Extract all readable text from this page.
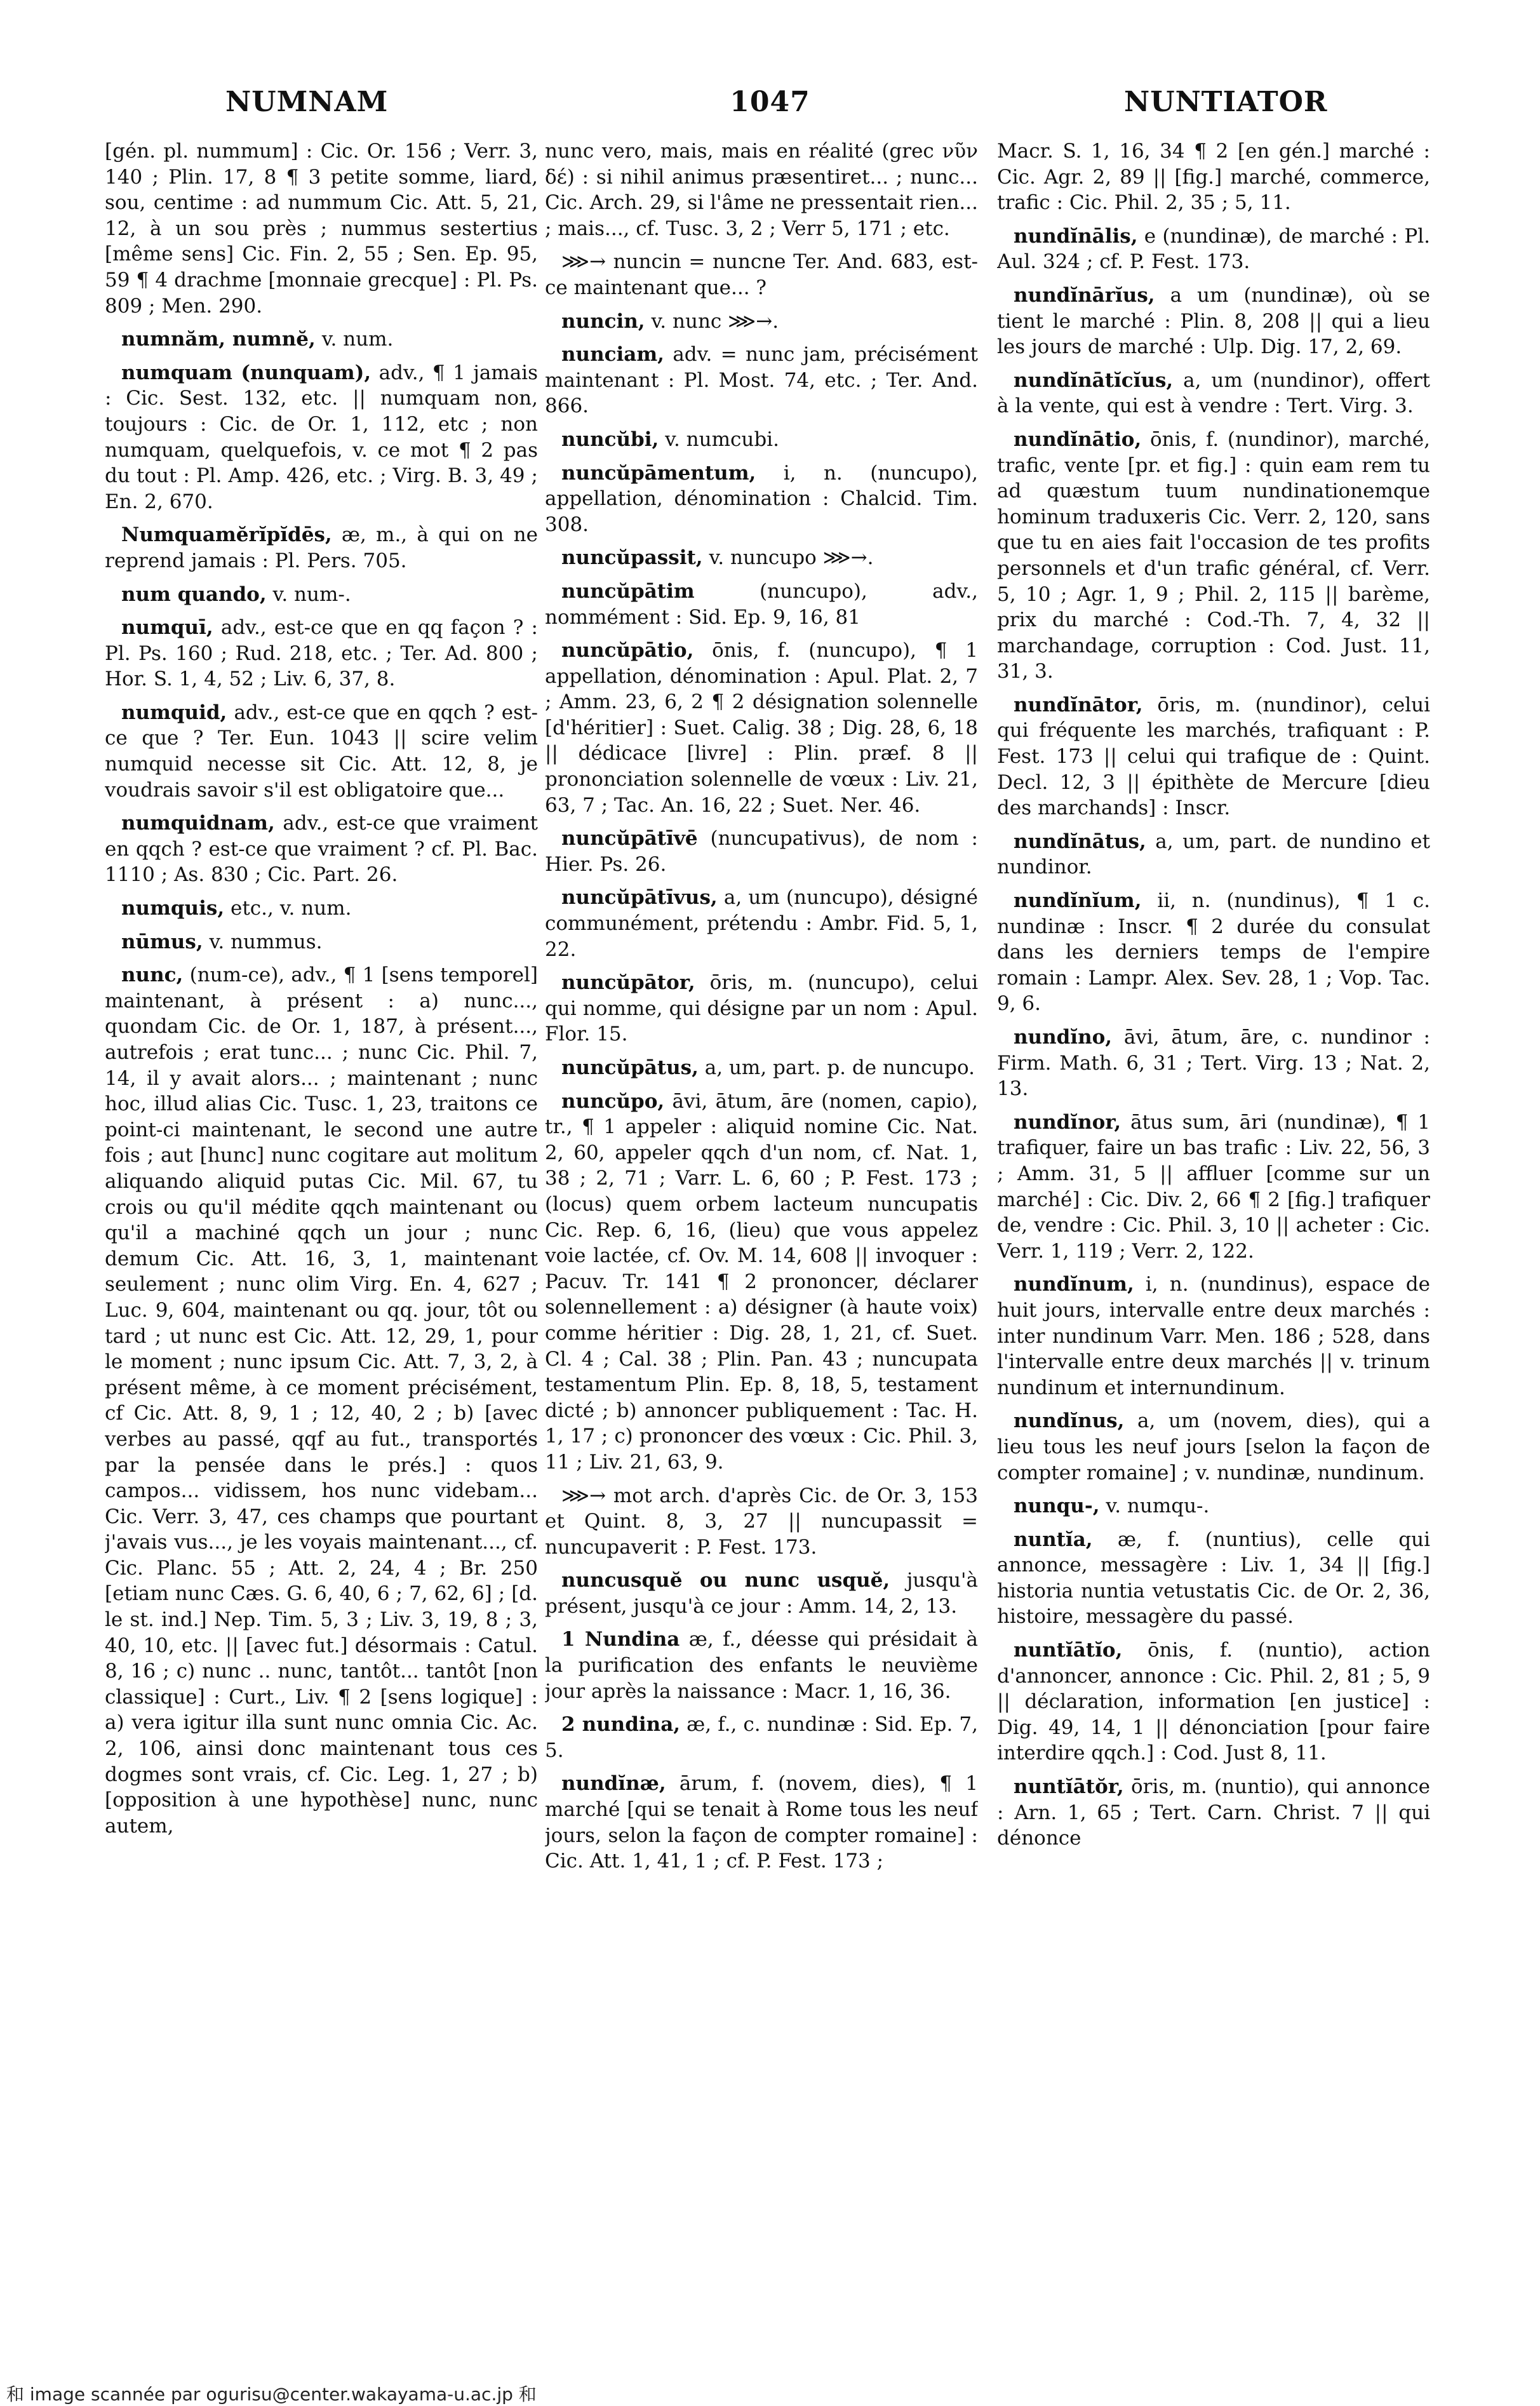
NUMNAM	1047	NUNTIATOR

[gén. pl. nummum] : Cic. Or. 156 ; Verr. 3, 140 ; Plin. 17, 8 ¶ 3 petite somme, liard, sou, centime : ad nummum Cic. Att. 5, 21, 12, à un sou près ; nummus sestertius [même sens] Cic. Fin. 2, 55 ; Sen. Ep. 95, 59 ¶ 4 drachme [monnaie grecque] : Pl. Ps. 809 ; Men. 290.

numnăm, numnĕ, v. num.

numquam (nunquam), adv., ¶ 1 jamais : Cic. Sest. 132, etc. || numquam non, toujours : Cic. de Or. 1, 112, etc ; non numquam, quelquefois, v. ce mot ¶ 2 pas du tout : Pl. Amp. 426, etc. ; Virg. B. 3, 49 ; En. 2, 670.

Numquamĕrĭpĭdēs, æ, m., à qui on ne reprend jamais : Pl. Pers. 705.

num quando, v. num-.

numquī, adv., est-ce que en qq façon ? : Pl. Ps. 160 ; Rud. 218, etc. ; Ter. Ad. 800 ; Hor. S. 1, 4, 52 ; Liv. 6, 37, 8.

numquid, adv., est-ce que en qqch ? est-ce que ? Ter. Eun. 1043 || scire velim numquid necesse sit Cic. Att. 12, 8, je voudrais savoir s'il est obligatoire que...

numquidnam, adv., est-ce que vraiment en qqch ? est-ce que vraiment ? cf. Pl. Bac. 1110 ; As. 830 ; Cic. Part. 26.

numquis, etc., v. num.

nūmus, v. nummus.

nunc, (num-ce), adv., ¶ 1 [sens temporel] maintenant, à présent : a) nunc..., quondam Cic. de Or. 1, 187, à présent..., autrefois ; erat tunc... ; nunc Cic. Phil. 7, 14, il y avait alors... ; maintenant ; nunc hoc, illud alias Cic. Tusc. 1, 23, traitons ce point-ci maintenant, le second une autre fois ; aut [hunc] nunc cogitare aut molitum aliquando aliquid putas Cic. Mil. 67, tu crois ou qu'il médite qqch maintenant ou qu'il a machiné qqch un jour ; nunc demum Cic. Att. 16, 3, 1, maintenant seulement ; nunc olim Virg. En. 4, 627 ; Luc. 9, 604, maintenant ou qq. jour, tôt ou tard ; ut nunc est Cic. Att. 12, 29, 1, pour le moment ; nunc ipsum Cic. Att. 7, 3, 2, à présent même, à ce moment précisément, cf Cic. Att. 8, 9, 1 ; 12, 40, 2 ; b) [avec verbes au passé, qqf au fut., transportés par la pensée dans le prés.] : quos campos... vidissem, hos nunc videbam... Cic. Verr. 3, 47, ces champs que pourtant j'avais vus..., je les voyais maintenant..., cf. Cic. Planc. 55 ; Att. 2, 24, 4 ; Br. 250 [etiam nunc Cæs. G. 6, 40, 6 ; 7, 62, 6] ; [d. le st. ind.] Nep. Tim. 5, 3 ; Liv. 3, 19, 8 ; 3, 40, 10, etc. || [avec fut.] désormais : Catul. 8, 16 ; c) nunc .. nunc, tantôt... tantôt [non classique] : Curt., Liv. ¶ 2 [sens logique] : a) vera igitur illa sunt nunc omnia Cic. Ac. 2, 106, ainsi donc maintenant tous ces dogmes sont vrais, cf. Cic. Leg. 1, 27 ; b) [opposition à une hypothèse] nunc, nunc autem,

nunc vero, mais, mais en réalité (grec νῦν δέ) : si nihil animus præsentiret... ; nunc... Cic. Arch. 29, si l'âme ne pressentait rien... ; mais..., cf. Tusc. 3, 2 ; Verr 5, 171 ; etc.

⋙→ nuncin = nuncne Ter. And. 683, est-ce maintenant que... ?

nuncin, v. nunc ⋙→.

nunciam, adv. = nunc jam, précisément maintenant : Pl. Most. 74, etc. ; Ter. And. 866.

nuncŭbi, v. numcubi.

nuncŭpāmentum, i, n. (nuncupo), appellation, dénomination : Chalcid. Tim. 308.

nuncŭpassit, v. nuncupo ⋙→.

nuncŭpātim	(nuncupo), adv., nommément : Sid. Ep. 9, 16, 81

nuncŭpātio, ōnis, f. (nuncupo), ¶ 1 appellation, dénomination : Apul. Plat. 2, 7 ; Amm. 23, 6, 2 ¶ 2 désignation solennelle [d'héritier] : Suet. Calig. 38 ; Dig. 28, 6, 18 || dédicace [livre] : Plin. præf. 8 || prononciation solennelle de vœux : Liv. 21, 63, 7 ; Tac. An. 16, 22 ; Suet. Ner. 46.

nuncŭpātīvē (nuncupativus), de nom : Hier. Ps. 26.

nuncŭpātīvus, a, um (nuncupo), désigné communément, prétendu : Ambr. Fid. 5, 1, 22.

nuncŭpātor, ōris, m. (nuncupo), celui qui nomme, qui désigne par un nom : Apul. Flor. 15.

nuncŭpātus, a, um, part. p. de nuncupo.

nuncŭpo, āvi, ātum, āre (nomen, capio), tr., ¶ 1 appeler : aliquid nomine Cic. Nat. 2, 60, appeler qqch d'un nom, cf. Nat. 1, 38 ; 2, 71 ; Varr. L. 6, 60 ; P. Fest. 173 ; (locus) quem orbem lacteum nuncupatis Cic. Rep. 6, 16, (lieu) que vous appelez voie lactée, cf. Ov. M. 14, 608 || invoquer : Pacuv. Tr. 141 ¶ 2 prononcer, déclarer solennellement : a) désigner (à haute voix) comme héritier : Dig. 28, 1, 21, cf. Suet. Cl. 4 ; Cal. 38 ; Plin. Pan. 43 ; nuncupata testamentum Plin. Ep. 8, 18, 5, testament dicté ; b) annoncer publiquement : Tac. H. 1, 17 ; c) prononcer des vœux : Cic. Phil. 3, 11 ; Liv. 21, 63, 9.

⋙→ mot arch. d'après Cic. de Or. 3, 153 et Quint. 8, 3, 27 || nuncupassit = nuncupaverit : P. Fest. 173.

nuncusquĕ ou nunc usquĕ, jusqu'à présent, jusqu'à ce jour : Amm. 14, 2, 13.

1 Nundina æ, f., déesse qui présidait à la purification des enfants le neuvième jour après la naissance : Macr. 1, 16, 36.

2 nundina, æ, f., c. nundinæ : Sid. Ep. 7, 5.

nundĭnæ, ārum, f. (novem, dies), ¶ 1 marché [qui se tenait à Rome tous les neuf jours, selon la façon de compter romaine] : Cic. Att. 1, 41, 1 ; cf. P. Fest. 173 ;

Macr. S. 1, 16, 34 ¶ 2 [en gén.] marché : Cic. Agr. 2, 89 || [fig.] marché, commerce, trafic : Cic. Phil. 2, 35 ; 5, 11.

nundĭnālis, e (nundinæ), de marché : Pl. Aul. 324 ; cf. P. Fest. 173.

nundĭnārĭus, a um (nundinæ), où se tient le marché : Plin. 8, 208 || qui a lieu les jours de marché : Ulp. Dig. 17, 2, 69.

nundĭnātĭcĭus, a, um (nundinor), offert à la vente, qui est à vendre : Tert. Virg. 3.

nundĭnātio, ōnis, f. (nundinor), marché, trafic, vente [pr. et fig.] : quin eam rem tu ad quæstum tuum nundinationemque hominum traduxeris Cic. Verr. 2, 120, sans que tu en aies fait l'occasion de tes profits personnels et d'un trafic général, cf. Verr. 5, 10 ; Agr. 1, 9 ; Phil. 2, 115 || barème, prix du marché : Cod.-Th. 7, 4, 32 || marchandage, corruption : Cod. Just. 11, 31, 3.

nundĭnātor, ōris, m. (nundinor), celui qui fréquente les marchés, trafiquant : P. Fest. 173 || celui qui trafique de : Quint. Decl. 12, 3 || épithète de Mercure [dieu des marchands] : Inscr.

nundĭnātus, a, um, part. de nundino et nundinor.

nundĭnĭum, ii, n. (nundinus), ¶ 1 c. nundinæ : Inscr. ¶ 2 durée du consulat dans les derniers temps de l'empire romain : Lampr. Alex. Sev. 28, 1 ; Vop. Tac. 9, 6.

nundĭno, āvi, ātum, āre, c. nundinor : Firm. Math. 6, 31 ; Tert. Virg. 13 ; Nat. 2, 13.

nundĭnor, ātus sum, āri (nundinæ), ¶ 1 trafiquer, faire un bas trafic : Liv. 22, 56, 3 ; Amm. 31, 5 || affluer [comme sur un marché] : Cic. Div. 2, 66 ¶ 2 [fig.] trafiquer de, vendre : Cic. Phil. 3, 10 || acheter : Cic. Verr. 1, 119 ; Verr. 2, 122.

nundĭnum, i, n. (nundinus), espace de huit jours, intervalle entre deux marchés : inter nundinum Varr. Men. 186 ; 528, dans l'intervalle entre deux marchés || v. trinum nundinum et internundinum.

nundĭnus, a, um (novem, dies), qui a lieu tous les neuf jours [selon la façon de compter romaine] ; v. nundinæ, nundinum.

nunqu-, v. numqu-.

nuntĭa, æ, f. (nuntius), celle qui annonce, messagère : Liv. 1, 34 || [fig.] historia nuntia vetustatis Cic. de Or. 2, 36, histoire, messagère du passé.

nuntĭātĭo, ōnis, f. (nuntio), action d'annoncer, annonce : Cic. Phil. 2, 81 ; 5, 9 || déclaration, information [en justice] : Dig. 49, 14, 1 || dénonciation [pour faire interdire qqch.] : Cod. Just 8, 11.

nuntĭātŏr, ōris, m. (nuntio), qui annonce : Arn. 1, 65 ; Tert. Carn. Christ. 7 || qui dénonce

和 image scannée par ogurisu@center.wakayama-u.ac.jp 和
